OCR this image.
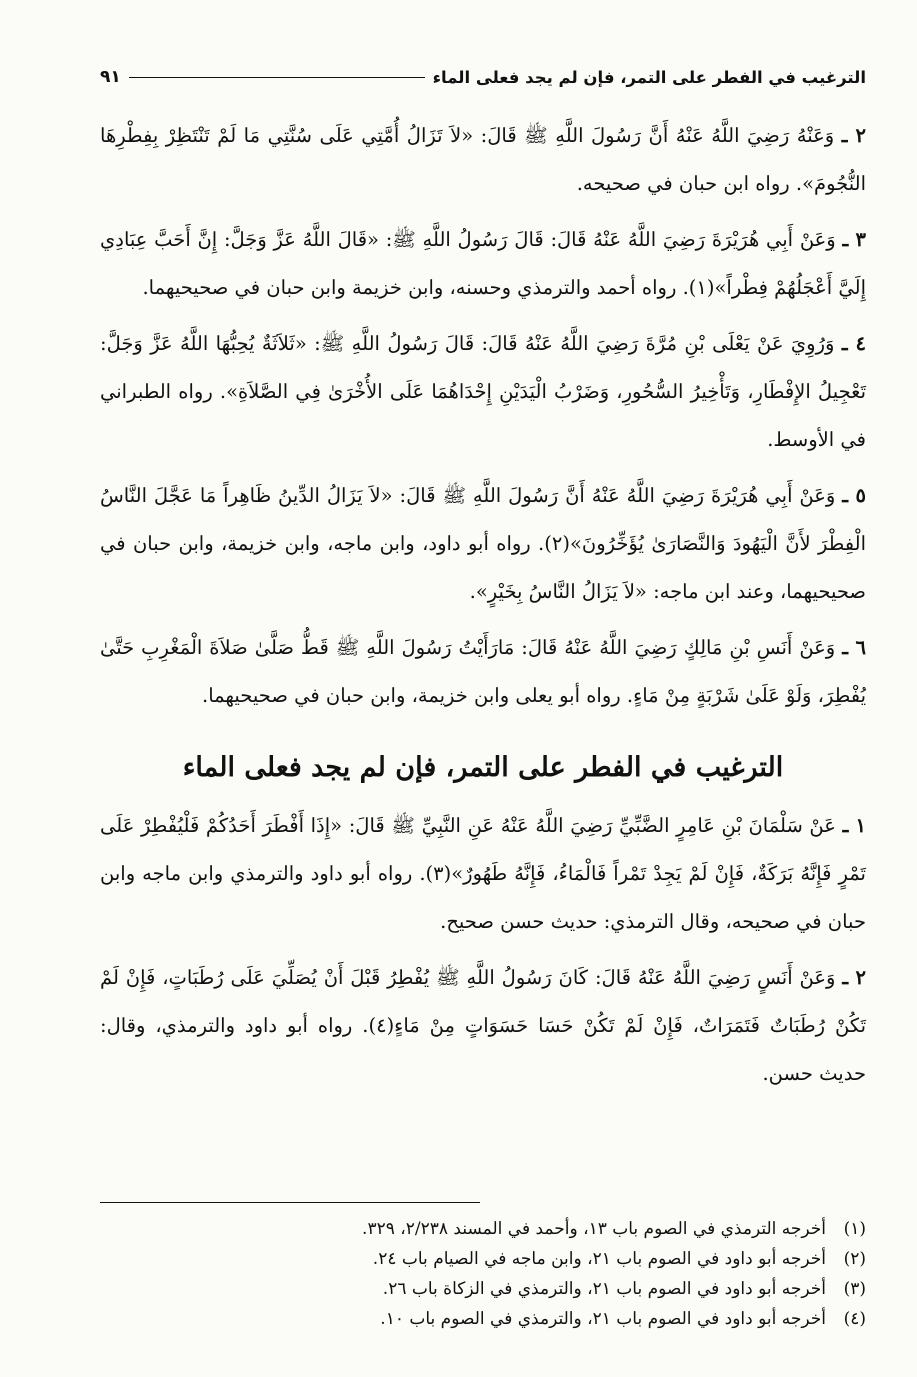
الترغيب في الفطر على التمر، فإن لم يجد فعلى الماء
٩١

٢ ـ وَعَنْهُ رَضِيَ اللَّهُ عَنْهُ أَنَّ رَسُولَ اللَّهِ ﷺ قَالَ: «لاَ تَزَالُ أُمَّتِي عَلَى سُنَّتِي مَا لَمْ تَنْتَظِرْ بِفِطْرِهَا النُّجُومَ». رواه ابن حبان في صحيحه.

٣ ـ وَعَنْ أَبِي هُرَيْرَةَ رَضِيَ اللَّهُ عَنْهُ قَالَ: قَالَ رَسُولُ اللَّهِ ﷺ: «قَالَ اللَّهُ عَزَّ وَجَلَّ: إِنَّ أَحَبَّ عِبَادِي إِلَيَّ أَعْجَلُهُمْ فِطْراً»(١). رواه أحمد والترمذي وحسنه، وابن خزيمة وابن حبان في صحيحيهما.

٤ ـ وَرُوِيَ عَنْ يَعْلَى بْنِ مُرَّةَ رَضِيَ اللَّهُ عَنْهُ قَالَ: قَالَ رَسُولُ اللَّهِ ﷺ: «ثَلاَثَةٌ يُحِبُّهَا اللَّهُ عَزَّ وَجَلَّ: تَعْجِيلُ الإِفْطَارِ، وَتَأْخِيرُ السُّحُورِ، وَضَرْبُ الْيَدَيْنِ إِحْدَاهُمَا عَلَى الأُخْرَىٰ فِي الصَّلاَةِ». رواه الطبراني في الأوسط.

٥ ـ وَعَنْ أَبِي هُرَيْرَةَ رَضِيَ اللَّهُ عَنْهُ أَنَّ رَسُولَ اللَّهِ ﷺ قَالَ: «لاَ يَزَالُ الدِّينُ ظَاهِراً مَا عَجَّلَ النَّاسُ الْفِطْرَ لأَنَّ الْيَهُودَ وَالنَّصَارَىٰ يُؤَخِّرُونَ»(٢). رواه أبو داود، وابن ماجه، وابن خزيمة، وابن حبان في صحيحيهما، وعند ابن ماجه: «لاَ يَزَالُ النَّاسُ بِخَيْرٍ».

٦ ـ وَعَنْ أَنَسِ بْنِ مَالِكٍ رَضِيَ اللَّهُ عَنْهُ قَالَ: مَارَأَيْتُ رَسُولَ اللَّهِ ﷺ قَطُّ صَلَّىٰ صَلاَةَ الْمَغْرِبِ حَتَّىٰ يُفْطِرَ، وَلَوْ عَلَىٰ شَرْبَةٍ مِنْ مَاءٍ. رواه أبو يعلى وابن خزيمة، وابن حبان في صحيحيهما.

الترغيب في الفطر على التمر، فإن لم يجد فعلى الماء

١ ـ عَنْ سَلْمَانَ بْنِ عَامِرٍ الضَّبِّيِّ رَضِيَ اللَّهُ عَنْهُ عَنِ النَّبِيِّ ﷺ قَالَ: «إِذَا أَفْطَرَ أَحَدُكُمْ فَلْيُفْطِرْ عَلَى تَمْرٍ فَإِنَّهُ بَرَكَةٌ، فَإِنْ لَمْ يَجِدْ تَمْراً فَالْمَاءُ، فَإِنَّهُ طَهُورٌ»(٣). رواه أبو داود والترمذي وابن ماجه وابن حبان في صحيحه، وقال الترمذي: حديث حسن صحيح.

٢ ـ وَعَنْ أَنَسٍ رَضِيَ اللَّهُ عَنْهُ قَالَ: كَانَ رَسُولُ اللَّهِ ﷺ يُفْطِرُ قَبْلَ أَنْ يُصَلِّيَ عَلَى رُطَبَاتٍ، فَإِنْ لَمْ تَكُنْ رُطَبَاتٌ فَتَمَرَاتٌ، فَإِنْ لَمْ تَكُنْ حَسَا حَسَوَاتٍ مِنْ مَاءٍ(٤). رواه أبو داود والترمذي، وقال: حديث حسن.

(١)
أخرجه الترمذي في الصوم باب ١٣، وأحمد في المسند ٢/٢٣٨، ٣٢٩.
(٢)
أخرجه أبو داود في الصوم باب ٢١، وابن ماجه في الصيام باب ٢٤.
(٣)
أخرجه أبو داود في الصوم باب ٢١، والترمذي في الزكاة باب ٢٦.
(٤)
أخرجه أبو داود في الصوم باب ٢١، والترمذي في الصوم باب ١٠.
